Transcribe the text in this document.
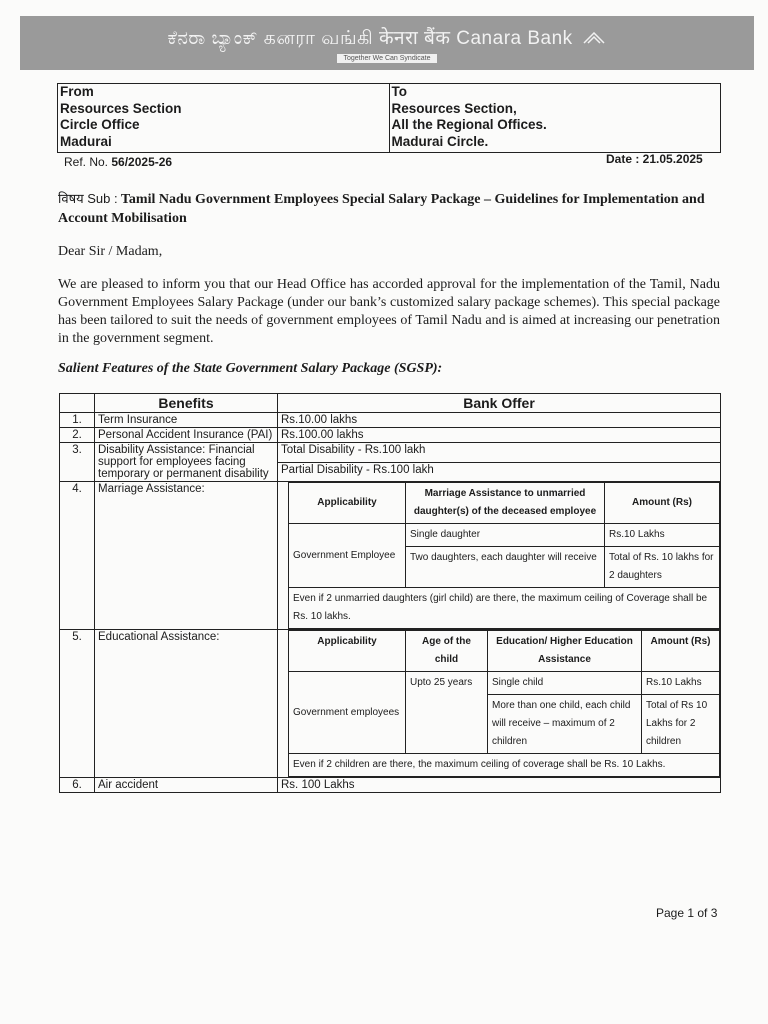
ಕೆನರಾ ಬ್ಯಾಂಕ್ கனரா வங்கி केनरा बैंक Canara Bank
Together We Can Syndicate
From
Resources Section
Circle Office
Madurai
To
Resources Section,
All the Regional Offices.
Madurai Circle.
Ref. No. 56/2025-26	Date : 21.05.2025
विषय Sub : Tamil Nadu Government Employees Special Salary Package – Guidelines for Implementation and Account Mobilisation
Dear Sir / Madam,
We are pleased to inform you that our Head Office has accorded approval for the implementation of the Tamil, Nadu Government Employees Salary Package (under our bank’s customized salary package schemes). This special package has been tailored to suit the needs of government employees of Tamil Nadu and is aimed at increasing our penetration in the government segment.
Salient Features of the State Government Salary Package (SGSP):
	Benefits	Bank Offer
1.	Term Insurance	Rs.10.00 lakhs
2.	Personal Accident Insurance (PAI)	Rs.100.00 lakhs
3.	Disability Assistance: Financial support for employees facing temporary or permanent disability	Total Disability - Rs.100 lakh
Partial Disability - Rs.100 lakh
4.	Marriage Assistance:	
Applicability	Marriage Assistance to unmarried daughter(s) of the deceased employee	Amount (Rs)
Government Employee	Single daughter	Rs.10 Lakhs
Two daughters, each daughter will receive	Total of Rs. 10 lakhs for 2 daughters
Even if 2 unmarried daughters (girl child) are there, the maximum ceiling of Coverage shall be Rs. 10 lakhs.

5.	Educational Assistance:		Applicability	Age of the child	Education/ Higher Education Assistance	Amount (Rs)
Government employees	Upto 25 years	Single child	Rs.10 Lakhs
More than one child, each child will receive – maximum of 2 children	Total of Rs 10 Lakhs for 2 children
Even if 2 children are there, the maximum ceiling of coverage shall be Rs. 10 Lakhs.

6.	Air accident	Rs. 100 Lakhs
Page 1 of 3
